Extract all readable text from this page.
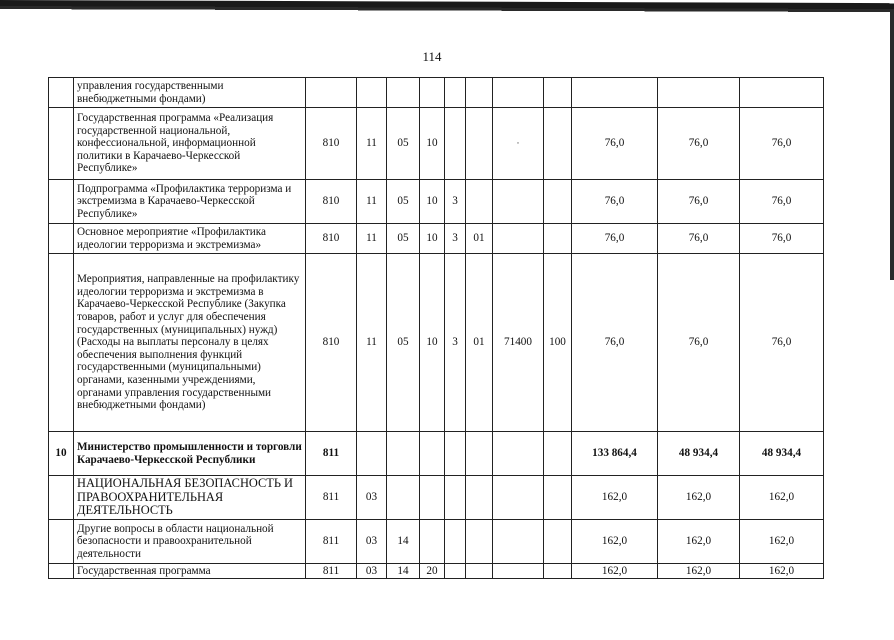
114
	управления государственными внебюджетными фондами)											
	Государственная программа «Реализация государственной национальной, конфессиональной, информационной политики в Карачаево-Черкесской Республике»	810	11	05	10			·		76,0	76,0	76,0
	Подпрограмма «Профилактика терроризма и экстремизма в Карачаево-Черкесской Республике»	810	11	05	10	3				76,0	76,0	76,0
	Основное мероприятие «Профилактика идеологии терроризма и экстремизма»	810	11	05	10	3	01			76,0	76,0	76,0
	Мероприятия, направленные на профилактику идеологии терроризма и экстремизма в Карачаево-Черкесской Республике (Закупка товаров, работ и услуг для обеспечения государственных (муниципальных) нужд) (Расходы на выплаты персоналу в целях обеспечения выполнения функций государственными (муниципальными) органами, казенными учреждениями, органами управления государственными внебюджетными фондами)	810	11	05	10	3	01	71400	100	76,0	76,0	76,0
10	Министерство промышленности и торговли Карачаево-Черкесской Республики	811								133 864,4	48 934,4	48 934,4
	НАЦИОНАЛЬНАЯ БЕЗОПАСНОСТЬ И ПРАВООХРАНИТЕЛЬНАЯ ДЕЯТЕЛЬНОСТЬ	811	03							162,0	162,0	162,0
	Другие вопросы в области национальной безопасности и правоохранительной деятельности	811	03	14						162,0	162,0	162,0
	Государственная программа	811	03	14	20					162,0	162,0	162,0
